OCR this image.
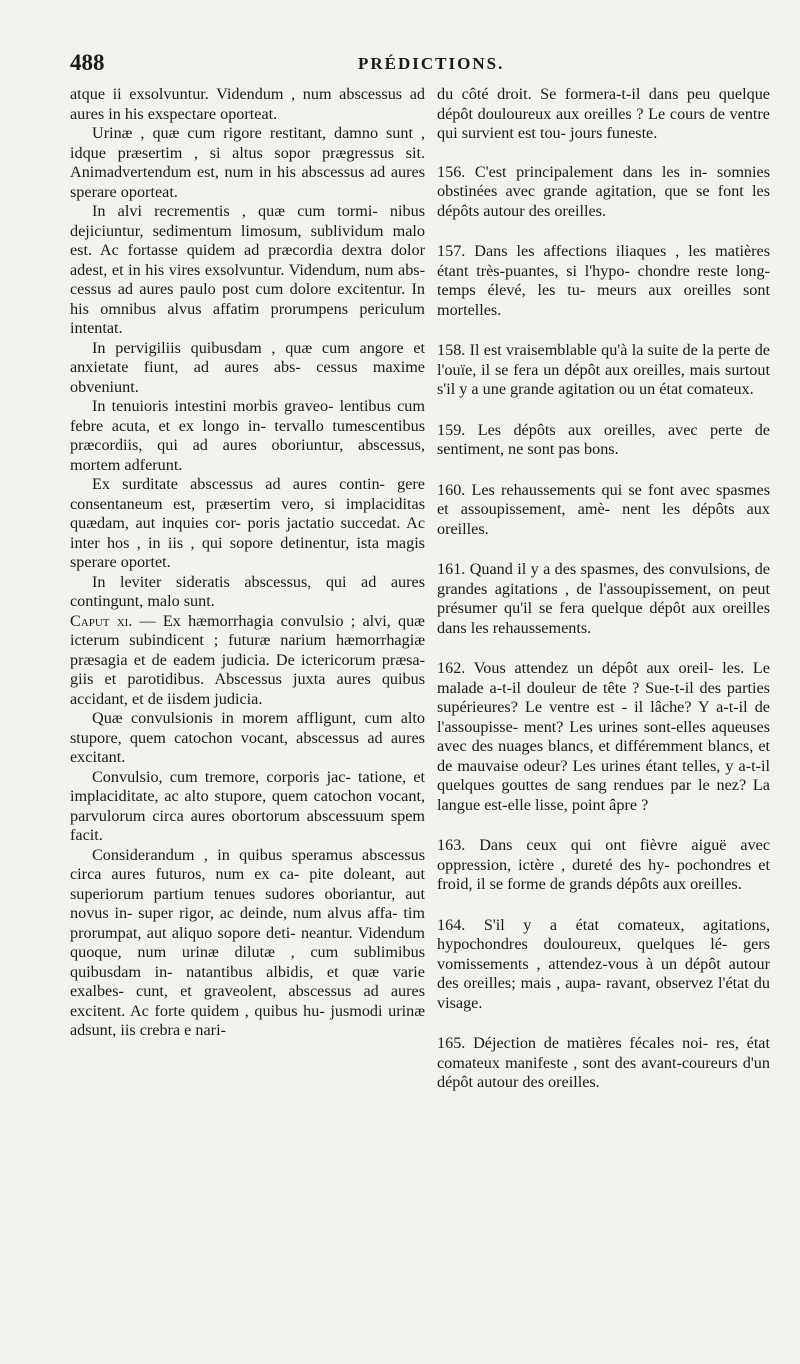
488	PRÉDICTIONS.

atque ii exsolvuntur. Videndum , num abscessus ad aures in his exspectare oporteat.

Urinæ , quæ cum rigore restitant, damno sunt , idque præsertim , si altus sopor prægressus sit. Animadvertendum est, num in his abscessus ad aures sperare oporteat.

In alvi recrementis , quæ cum tormi- nibus dejiciuntur, sedimentum limosum, sublividum malo est. Ac fortasse quidem ad præcordia dextra dolor adest, et in his vires exsolvuntur. Videndum, num abs- cessus ad aures paulo post cum dolore excitentur. In his omnibus alvus affatim prorumpens periculum intentat.

In pervigiliis quibusdam , quæ cum angore et anxietate fiunt, ad aures abs- cessus maxime obveniunt.

In tenuioris intestini morbis graveo- lentibus cum febre acuta, et ex longo in- tervallo tumescentibus præcordiis, qui ad aures oboriuntur, abscessus, mortem adferunt.

Ex surditate abscessus ad aures contin- gere consentaneum est, præsertim vero, si implaciditas quædam, aut inquies cor- poris jactatio succedat. Ac inter hos , in iis , qui sopore detinentur, ista magis sperare oportet.

In leviter sideratis abscessus, qui ad aures contingunt, malo sunt.

Caput xi. — Ex hæmorrhagia convulsio ; alvi, quæ icterum subindicent ; futuræ narium hæmorrhagiæ præsagia et de eadem judicia. De ictericorum præsa- giis et parotidibus. Abscessus juxta aures quibus accidant, et de iisdem judicia.

Quæ convulsionis in morem affligunt, cum alto stupore, quem catochon vocant, abscessus ad aures excitant.

Convulsio, cum tremore, corporis jac- tatione, et implaciditate, ac alto stupore, quem catochon vocant, parvulorum circa aures obortorum abscessuum spem facit.

Considerandum , in quibus speramus abscessus circa aures futuros, num ex ca- pite doleant, aut superiorum partium tenues sudores oboriantur, aut novus in- super rigor, ac deinde, num alvus affa- tim prorumpat, aut aliquo sopore deti- neantur. Videndum quoque, num urinæ dilutæ , cum sublimibus quibusdam in- natantibus albidis, et quæ varie exalbes- cunt, et graveolent, abscessus ad aures excitent. Ac forte quidem , quibus hu- jusmodi urinæ adsunt, iis crebra e nari-

du côté droit. Se formera-t-il dans peu quelque dépôt douloureux aux oreilles ? Le cours de ventre qui survient est tou- jours funeste.

156. C'est principalement dans les in- somnies obstinées avec grande agitation, que se font les dépôts autour des oreilles.

157. Dans les affections iliaques , les matières étant très-puantes, si l'hypo- chondre reste long-temps élevé, les tu- meurs aux oreilles sont mortelles.

158. Il est vraisemblable qu'à la suite de la perte de l'ouïe, il se fera un dépôt aux oreilles, mais surtout s'il y a une grande agitation ou un état comateux.

159. Les dépôts aux oreilles, avec perte de sentiment, ne sont pas bons.

160. Les rehaussements qui se font avec spasmes et assoupissement, amè- nent les dépôts aux oreilles.

161. Quand il y a des spasmes, des convulsions, de grandes agitations , de l'assoupissement, on peut présumer qu'il se fera quelque dépôt aux oreilles dans les rehaussements.

162. Vous attendez un dépôt aux oreil- les. Le malade a-t-il douleur de tête ? Sue-t-il des parties supérieures? Le ventre est - il lâche? Y a-t-il de l'assoupisse- ment? Les urines sont-elles aqueuses avec des nuages blancs, et différemment blancs, et de mauvaise odeur? Les urines étant telles, y a-t-il quelques gouttes de sang rendues par le nez? La langue est-elle lisse, point âpre ?

163. Dans ceux qui ont fièvre aiguë avec oppression, ictère , dureté des hy- pochondres et froid, il se forme de grands dépôts aux oreilles.

164. S'il y a état comateux, agitations, hypochondres douloureux, quelques lé- gers vomissements , attendez-vous à un dépôt autour des oreilles; mais , aupa- ravant, observez l'état du visage.

165. Déjection de matières fécales noi- res, état comateux manifeste , sont des avant-coureurs d'un dépôt autour des oreilles.
